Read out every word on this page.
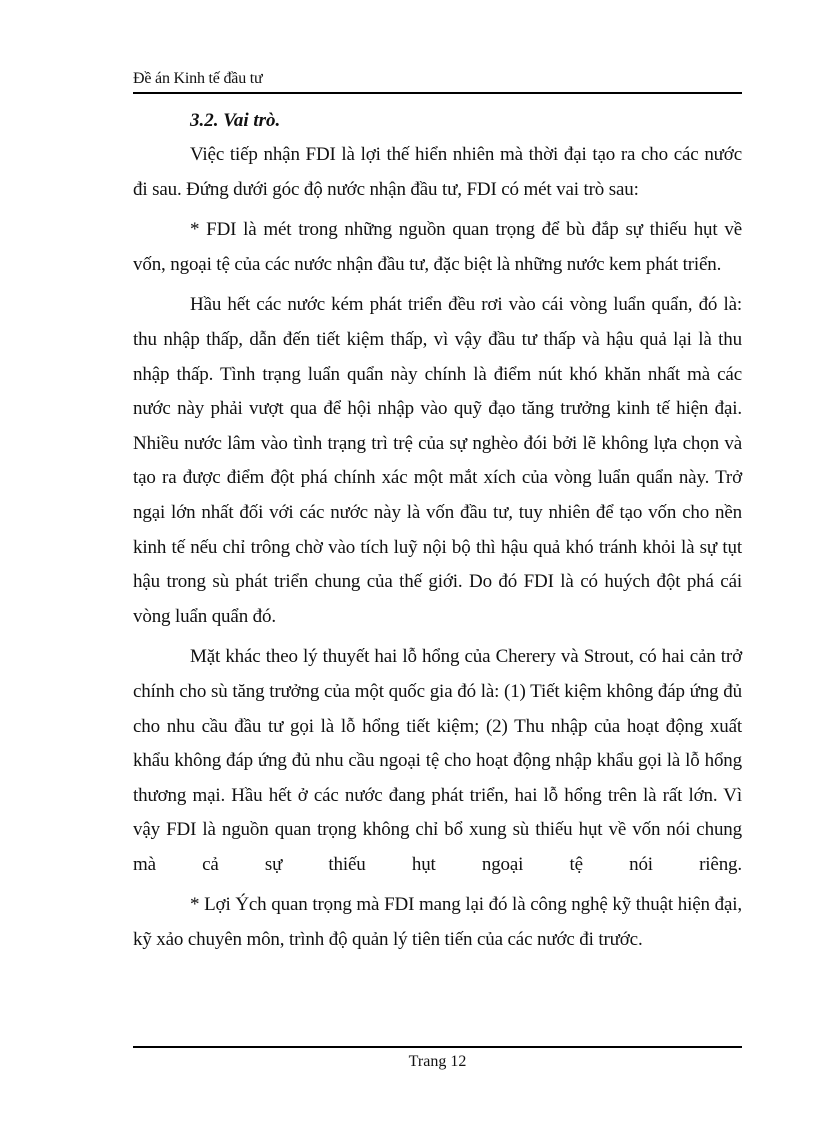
Đề án Kinh tế đầu tư

3.2. Vai trò.

Việc tiếp nhận FDI là lợi thế hiển nhiên mà thời đại tạo ra cho các nước đi sau. Đứng dưới góc độ nước nhận đầu tư, FDI có mét vai trò sau:

* FDI là mét trong những nguồn quan trọng để bù đắp sự thiếu hụt về vốn, ngoại tệ của các nước nhận đầu tư, đặc biệt là những nước kem phát triển.

Hầu hết các nước kém phát triển đều rơi vào cái vòng luẩn quẩn, đó là: thu nhập thấp, dẫn đến tiết kiệm thấp, vì vậy đầu tư thấp và hậu quả lại là thu nhập thấp. Tình trạng luẩn quẩn này chính là điểm nút khó khăn nhất mà các nước này phải vượt qua để hội nhập vào quỹ đạo tăng trưởng kinh tế hiện đại. Nhiều nước lâm vào tình trạng trì trệ của sự nghèo đói bởi lẽ không lựa chọn và tạo ra được điểm đột phá chính xác một mắt xích của vòng luẩn quẩn này. Trở ngại lớn nhất đối với các nước này là vốn đầu tư, tuy nhiên để tạo vốn cho nền kinh tế nếu chỉ trông chờ vào tích luỹ nội bộ thì hậu quả khó tránh khỏi là sự tụt hậu trong sù phát triển chung của thế giới. Do đó FDI là có huých đột phá cái vòng luẩn quẩn đó.

Mặt khác theo lý thuyết hai lỗ hổng của Cherery và Strout, có hai cản trở chính cho sù tăng trưởng của một quốc gia đó là: (1) Tiết kiệm không đáp ứng đủ cho nhu cầu đầu tư gọi là lỗ hổng tiết kiệm; (2) Thu nhập của hoạt động xuất khẩu không đáp ứng đủ nhu cầu ngoại tệ cho hoạt động nhập khẩu gọi là lỗ hổng thương mại. Hầu hết ở các nước đang phát triển, hai lỗ hổng trên là rất lớn. Vì vậy FDI là nguồn quan trọng không chỉ bổ xung sù thiếu hụt về vốn nói chung mà cả sự thiếu hụt ngoại tệ nói riêng.

* Lợi Ých quan trọng mà FDI mang lại đó là công nghệ kỹ thuật hiện đại, kỹ xảo chuyên môn, trình độ quản lý tiên tiến của các nước đi trước.

Trang 12
